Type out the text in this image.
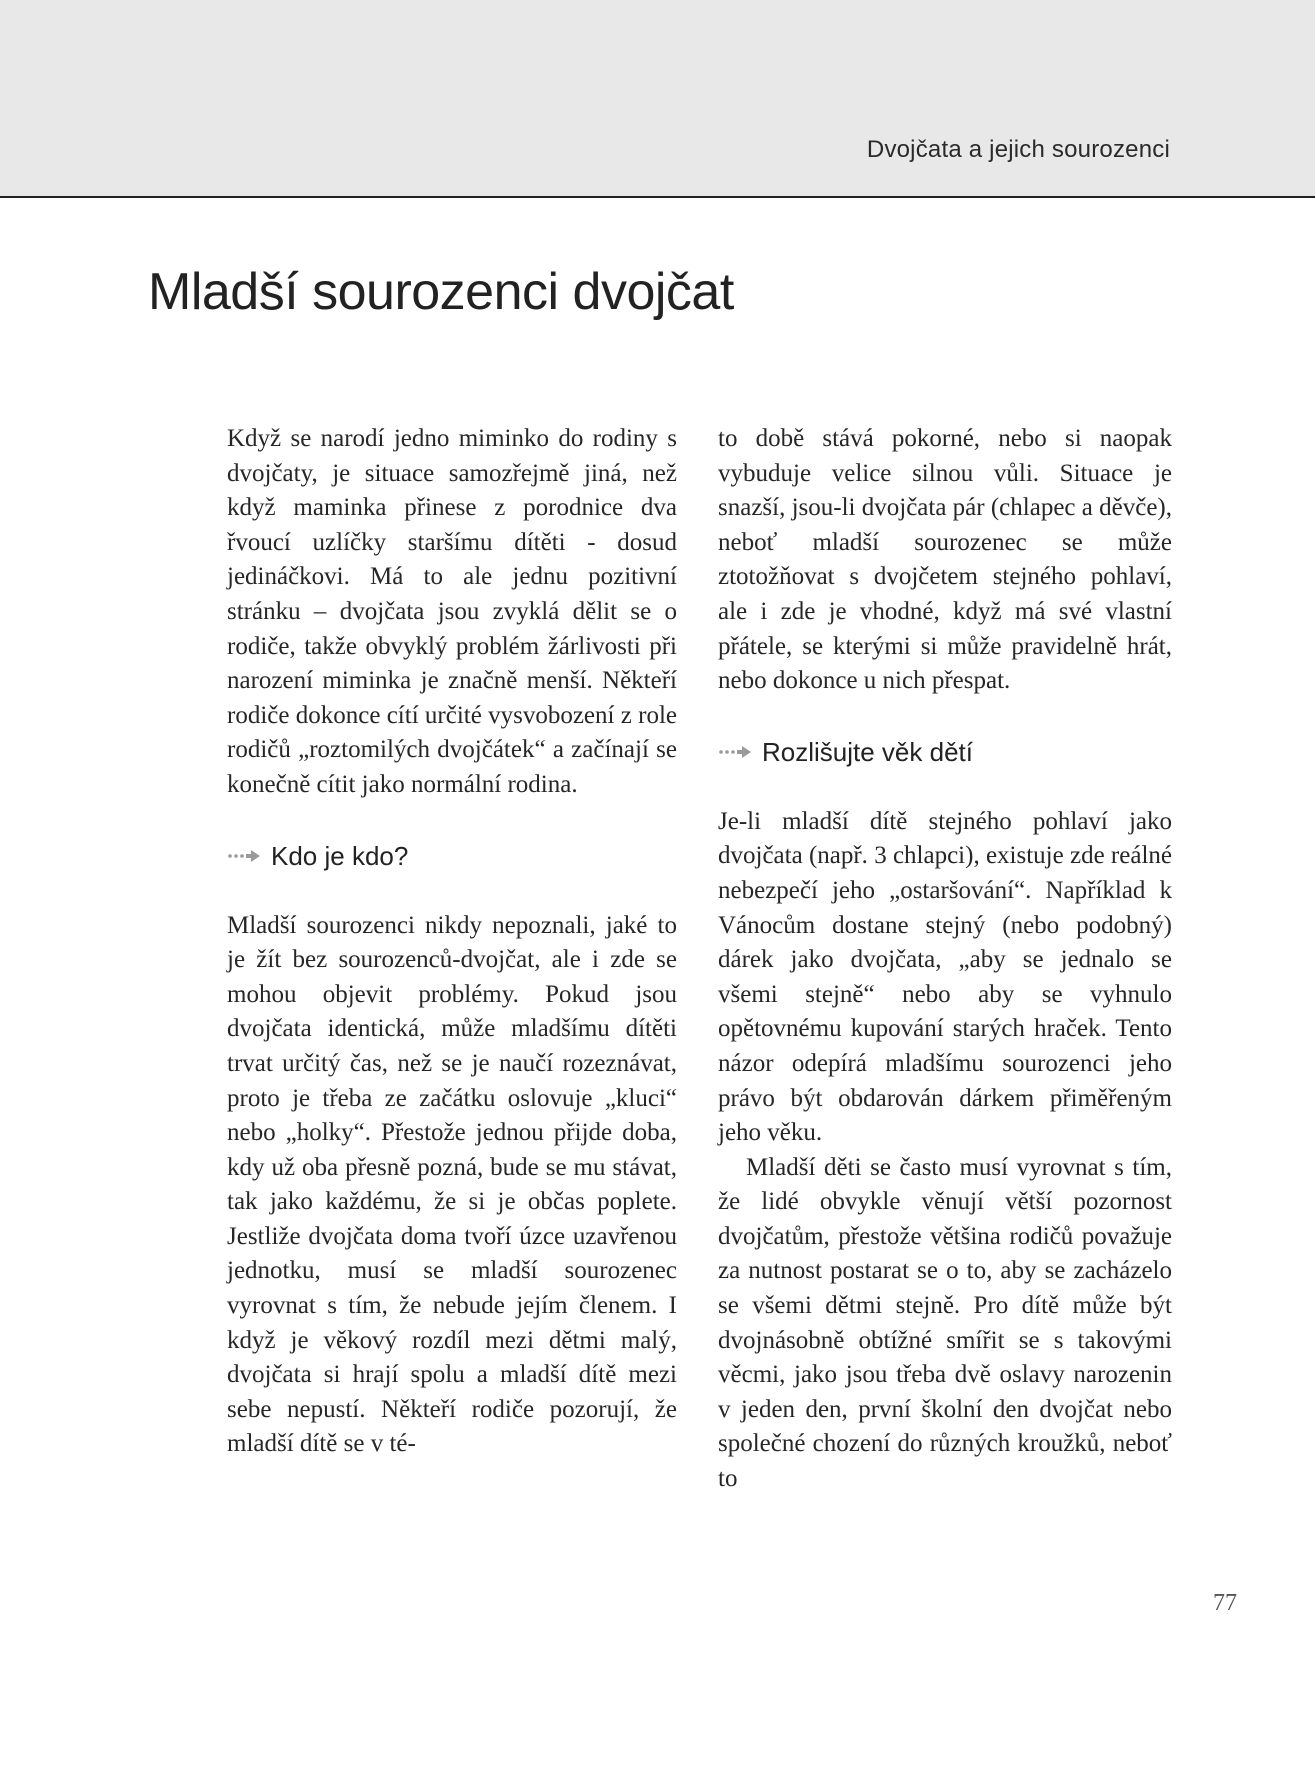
Dvojčata a jejich sourozenci
Mladší sourozenci dvojčat

Když se narodí jedno miminko do rodiny s dvojčaty, je situace samozřejmě jiná, než když maminka přinese z porodnice dva řvoucí uzlíčky staršímu dítěti - dosud jedináčkovi. Má to ale jednu pozitivní stránku – dvojčata jsou zvyklá dělit se o rodiče, takže obvyklý problém žárlivosti při narození miminka je značně menší. Někteří rodiče dokonce cítí určité vysvobození z role rodičů „roztomilých dvojčátek“ a začínají se konečně cítit jako normální rodina.

Kdo je kdo?

Mladší sourozenci nikdy nepoznali, jaké to je žít bez sourozenců-dvojčat, ale i zde se mohou objevit problémy. Pokud jsou dvojčata identická, může mladšímu dítěti trvat určitý čas, než se je naučí rozeznávat, proto je třeba ze začátku oslovuje „kluci“ nebo „holky“. Přestože jednou přijde doba, kdy už oba přesně pozná, bude se mu stávat, tak jako každému, že si je občas poplete. Jestliže dvojčata doma tvoří úzce uzavřenou jednotku, musí se mladší sourozenec vyrovnat s tím, že nebude jejím členem. I když je věkový rozdíl mezi dětmi malý, dvojčata si hrají spolu a mladší dítě mezi sebe nepustí. Někteří rodiče pozorují, že mladší dítě se v té-

to době stává pokorné, nebo si naopak vybuduje velice silnou vůli. Situace je snazší, jsou-li dvojčata pár (chlapec a děvče), neboť mladší sourozenec se může ztotožňovat s dvojčetem stejného pohlaví, ale i zde je vhodné, když má své vlastní přátele, se kterými si může pravidelně hrát, nebo dokonce u nich přespat.

Rozlišujte věk dětí

Je-li mladší dítě stejného pohlaví jako dvojčata (např. 3 chlapci), existuje zde reálné nebezpečí jeho „ostaršování“. Například k Vánocům dostane stejný (nebo podobný) dárek jako dvojčata, „aby se jednalo se všemi stejně“ nebo aby se vyhnulo opětovnému kupování starých hraček. Tento názor odepírá mladšímu sourozenci jeho právo být obdarován dárkem přiměřeným jeho věku.

Mladší děti se často musí vyrovnat s tím, že lidé obvykle věnují větší pozornost dvojčatům, přestože většina rodičů považuje za nutnost postarat se o to, aby se zacházelo se všemi dětmi stejně. Pro dítě může být dvojnásobně obtížné smířit se s takovými věcmi, jako jsou třeba dvě oslavy narozenin v jeden den, první školní den dvojčat nebo společné chození do různých kroužků, neboť to

77
